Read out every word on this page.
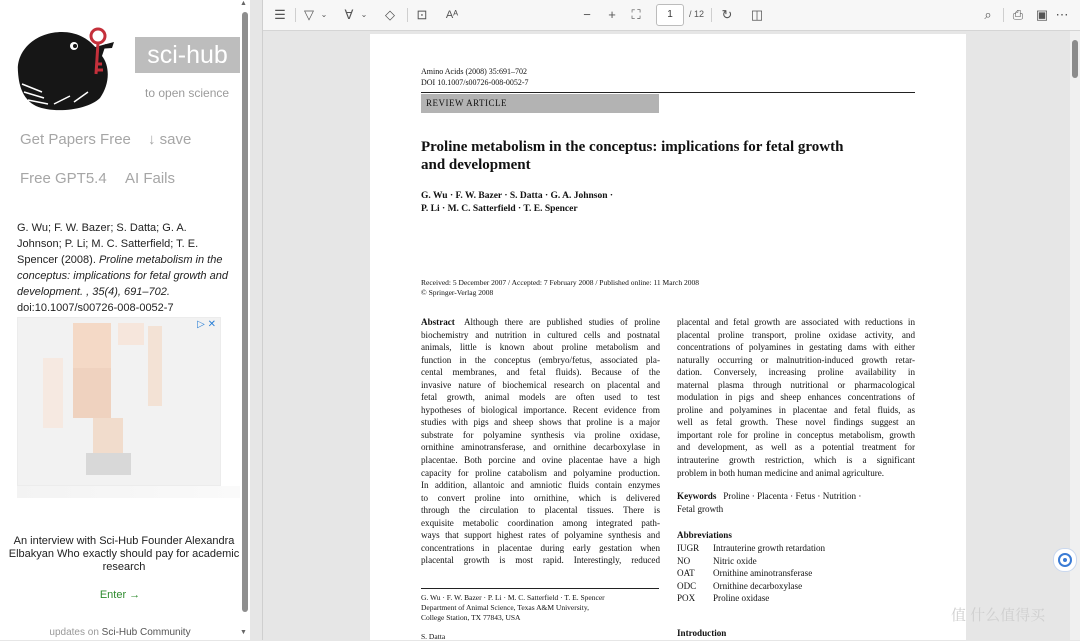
sci-hub
to open science
Get Papers Free ↓ save
Free GPT5.4 AI Fails
G. Wu; F. W. Bazer; S. Datta; G. A. Johnson; P. Li; M. C. Satterfield; T. E. Spencer (2008). Proline metabolism in the conceptus: implications for fetal growth and development. , 35(4), 691–702.
doi:10.1007/s00726-008-0052-7
▷ ✕
An interview with Sci-Hub Founder Alexandra Elbakyan Who exactly should pay for academic research
Enter →
updates on Sci-Hub Community
▲
▼
☰ ▽ ⌄ ∀ ⌄	◇	⊡	Aᴬ	−	+	⛶	1	/ 12 ↻ ◫	⌕	⎙ ▣ ⋯
Amino Acids (2008) 35:691–702
DOI 10.1007/s00726-008-0052-7
REVIEW ARTICLE
Proline metabolism in the conceptus: implications for fetal growth
and development
G. Wu · F. W. Bazer · S. Datta · G. A. Johnson ·
P. Li · M. C. Satterfield · T. E. Spencer
Received: 5 December 2007 / Accepted: 7 February 2008 / Published online: 11 March 2008
© Springer-Verlag 2008
Abstract   Although there are published studies of proline
biochemistry and nutrition in cultured cells and postnatal
animals, little is known about proline metabolism and
function in the conceptus (embryo/fetus, associated pla-
cental membranes, and fetal fluids). Because of the
invasive nature of biochemical research on placental and
fetal growth, animal models are often used to test
hypotheses of biological importance. Recent evidence from
studies with pigs and sheep shows that proline is a major
substrate for polyamine synthesis via proline oxidase,
ornithine aminotransferase, and ornithine decarboxylase in
placentae. Both porcine and ovine placentae have a high
capacity for proline catabolism and polyamine production.
In addition, allantoic and amniotic fluids contain enzymes
to convert proline into ornithine, which is delivered
through the circulation to placental tissues. There is
exquisite metabolic coordination among integrated path-
ways that support highest rates of polyamine synthesis and
concentrations in placentae during early gestation when
placental growth is most rapid. Interestingly, reduced
placental and fetal growth are associated with reductions in
placental proline transport, proline oxidase activity, and
concentrations of polyamines in gestating dams with either
naturally occurring or malnutrition-induced growth retar-
dation. Conversely, increasing proline availability in
maternal plasma through nutritional or pharmacological
modulation in pigs and sheep enhances concentrations of
proline and polyamines in placentae and fetal fluids, as
well as fetal growth. These novel findings suggest an
important role for proline in conceptus metabolism, growth
and development, as well as a potential treatment for
intrauterine growth restriction, which is a significant
problem in both human medicine and animal agriculture.
Keywords Proline · Placenta · Fetus · Nutrition ·
Fetal growth
Abbreviations
IUGR Intrauterine growth retardation
NO	Nitric oxide
OAT Ornithine aminotransferase
ODC Ornithine decarboxylase
POX Proline oxidase
G. Wu · F. W. Bazer · P. Li · M. C. Satterfield · T. E. Spencer
Department of Animal Science, Texas A&M University,
College Station, TX 77843, USA
S. Datta	Introduction
值 什么值得买
